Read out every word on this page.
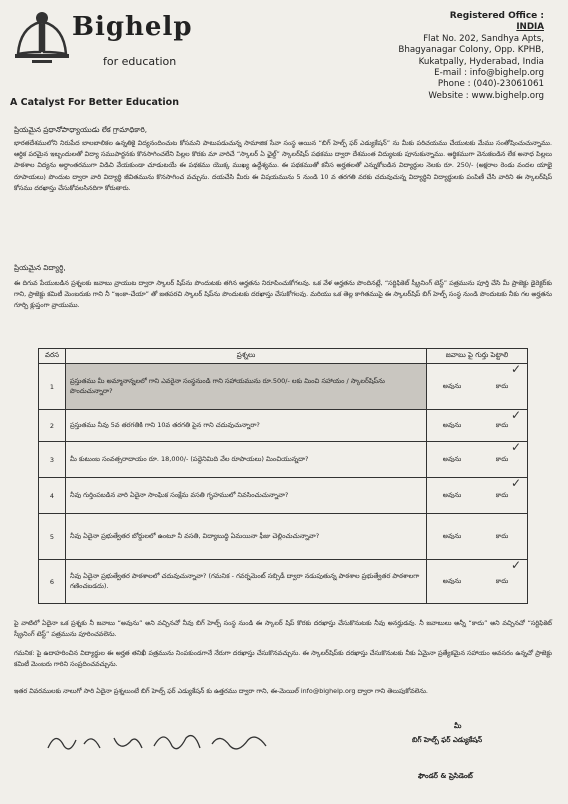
Bighelp
for education
A Catalyst For Better Education
Registered Office :
INDIA
Flat No. 202, Sandhya Apts,
Bhagyanagar Colony, Opp. KPHB,
Kukatpally, Hyderabad, India
E-mail : info@bighelp.org
Phone : (040)-23061061
Website : www.bighelp.org
ప్రియమైన ప్రధానోపాధ్యాయుడు లేక గ్రామాధికారి,
భారతదేశములోని నిరుపేద బాలబాలికల ఉన్నతికై విద్యనందించుట కోసమని పాటుపడుచున్న సామాజిక సేవా సంస్థ అయిన “బిగ్ హెల్ప్ ఫర్ ఎడ్యుకేషన్” ను మీకు పరిచయము చేయుటకు మేము సంతోషించుచున్నాము. ఆర్థిక పరమైన ఇబ్బందులతో విద్యా సముపార్జనకు కొనసాగించలేని పిల్లల కొరకు మా వారిచే “స్కాలర్ ఏ ఛైల్డ్” స్కాలర్‌షిప్ పథకము ద్వారా దేశమంత విద్యుటకు పూనుకున్నాము. ఆర్థికముగా వెనుకబడిన లేక అనాధ పిల్లలు పాఠశాల విద్యను అర్ధాంతరముగా విడిచి వేయకుండా చూడుటయే ఈ పథకము యొక్క ముఖ్య ఉద్దేశ్యము. ఈ పథకముతో కనీస అర్హతలతో ఎన్నుకోబడిన విద్యార్థుల నెలకు రూ. 250/- (అక్షరాల రెండు వందల యాభై రూపాయలు) పొందుట ద్వారా వారి విద్యార్థి జీవితమును కొనసాగించ వచ్చును. దయచేసి మీరు ఈ విషయమును 5 నుండి 10 వ తరగతి వరకు చదువుచున్న విద్యార్థిని విద్యార్థులకు పంపిణీ చేసి వారిని ఈ స్కాలర్‌షిప్ కోసము దరఖాస్తు చేసుకోవలసినదిగా కోరుతారు.
ప్రియమైన విద్యార్థి,
ఈ దిగువ పేయుబడిన ప్రశ్నలకు జవాబు వ్రాయుట ద్వారా స్కాలర్ షిప్‌ను పొందుటకు తగిన అర్హతను నిరూపించుకోగలవు. ఒక వేళ అర్హతను పొందినట్లే, “సర్టిఫికెట్ స్క్రీనింగ్ టెస్ట్” పత్రమును పూర్తి చేసి మీ ప్రాజెక్టు డైరెక్టర్‌కు గాని, ప్రాజెక్టు కమిటీ మెంబరుకు గాని నీ “ఇంకా-చేయా” తో జతపరచి స్కాలర్ షిప్‌ను పొందుటకు దరఖాస్తు చేసుకోగలవు. మరియు ఒక తెల్ల కాగితముపై ఈ స్కాలర్‌షిప్ బిగ్ హెల్ప్ సంస్థ నుండి పొందుటకు నీకు గల అర్హతను గూర్చి క్లుప్తంగా వ్రాయుము.
వరస	ప్రశ్నలు	జవాబు పై గుర్తు పెట్టాలి	
1	ప్రస్తుతము మీ అమ్మానాన్నలలో గాని ఎవరైనా సంస్థనుండి గాని సహాయమును రూ.500/- లకు మించి సహాయం / స్కాలర్‌షిప్‌ను పొందుచున్నారా?	అవును	కాదు
✓

2	ప్రస్తుతము నీవు 5వ తరగతికి గాని 10వ తరగతి పైన గాని చదువుచున్నారా?	అవును	కాదు
✓

3	మీ కుటుంబ సంవత్సరాదాయం రూ. 18,000/- (పద్దెనిమిది వేల రూపాయలు) మించియున్నదా?	అవును	కాదు
✓

4	నీవు గుర్తింపబడిన వారి ఏదైనా సాంఘిక సంక్షేమ వసతి గృహములో నివసించుచున్నావా?	అవును	కాదు
✓

5	నీవు ఏదైనా ప్రభుత్వేతర బోర్డులలో ఉంటూ నీ వసతి, విద్యాబుద్ధి ఏమయినా ఫీజు చెల్లించుచున్నావా?	అవును	కాదు
6	నీవు ఏదైనా ప్రభుత్వేతర పాఠశాలలో చదువుచున్నావా? (గమనిక - గవర్నమెంట్ సబ్సిడీ ద్వారా నడుపుతున్న పాఠశాల ప్రభుత్వేతర పాఠశాలగా గణించబడదు).	అవును	కాదు
✓
పై వాటిలో ఏదైనా ఒక ప్రశ్నకు నీ జవాబు “అవును” అని వచ్చినచో నీవు బిగ్ హెల్ప్ సంస్థ నుండి ఈ స్కాలర్ షిప్ కొరకు దరఖాస్తు చేసుకొనుటకు నీవు అనర్హుడవు. నీ జవాబులు అన్నీ “కాదు” అని వచ్చినచో “సర్టిఫికెట్ స్క్రీనింగ్ టెస్ట్” పత్రమును పూరించవలెను.
గమనిక: పై ఉదాహరించిన విద్యార్థుల ఈ అర్హత తనిఖీ పత్రమును నింపకుండగానే నేరుగా దరఖాస్తు చేసుకొనవచ్చును. ఈ స్కాలర్‌షిప్‌కు దరఖాస్తు చేసుకొనుటకు నీకు ఏమైనా ప్రత్యేకమైన సహాయం అవసరం ఉన్నచో ప్రాజెక్టు కమిటీ మెంబరు గారిని సంప్రదించవచ్చును.
ఇతర వివరములకు నాలుగో సారి ఏదైనా ప్రశ్నలుంటే బిగ్ హెల్ప్ ఫర్ ఎడ్యుకేషన్ కు ఉత్తరము ద్వారా గాని, ఈ-మెయిల్ info@bighelp.org ద్వారా గాని తెలుపుకోవలెను.
మీ
బిగ్ హెల్ప్ ఫర్ ఎడ్యుకేషన్
ఫౌండర్ & ప్రెసిడెంట్
